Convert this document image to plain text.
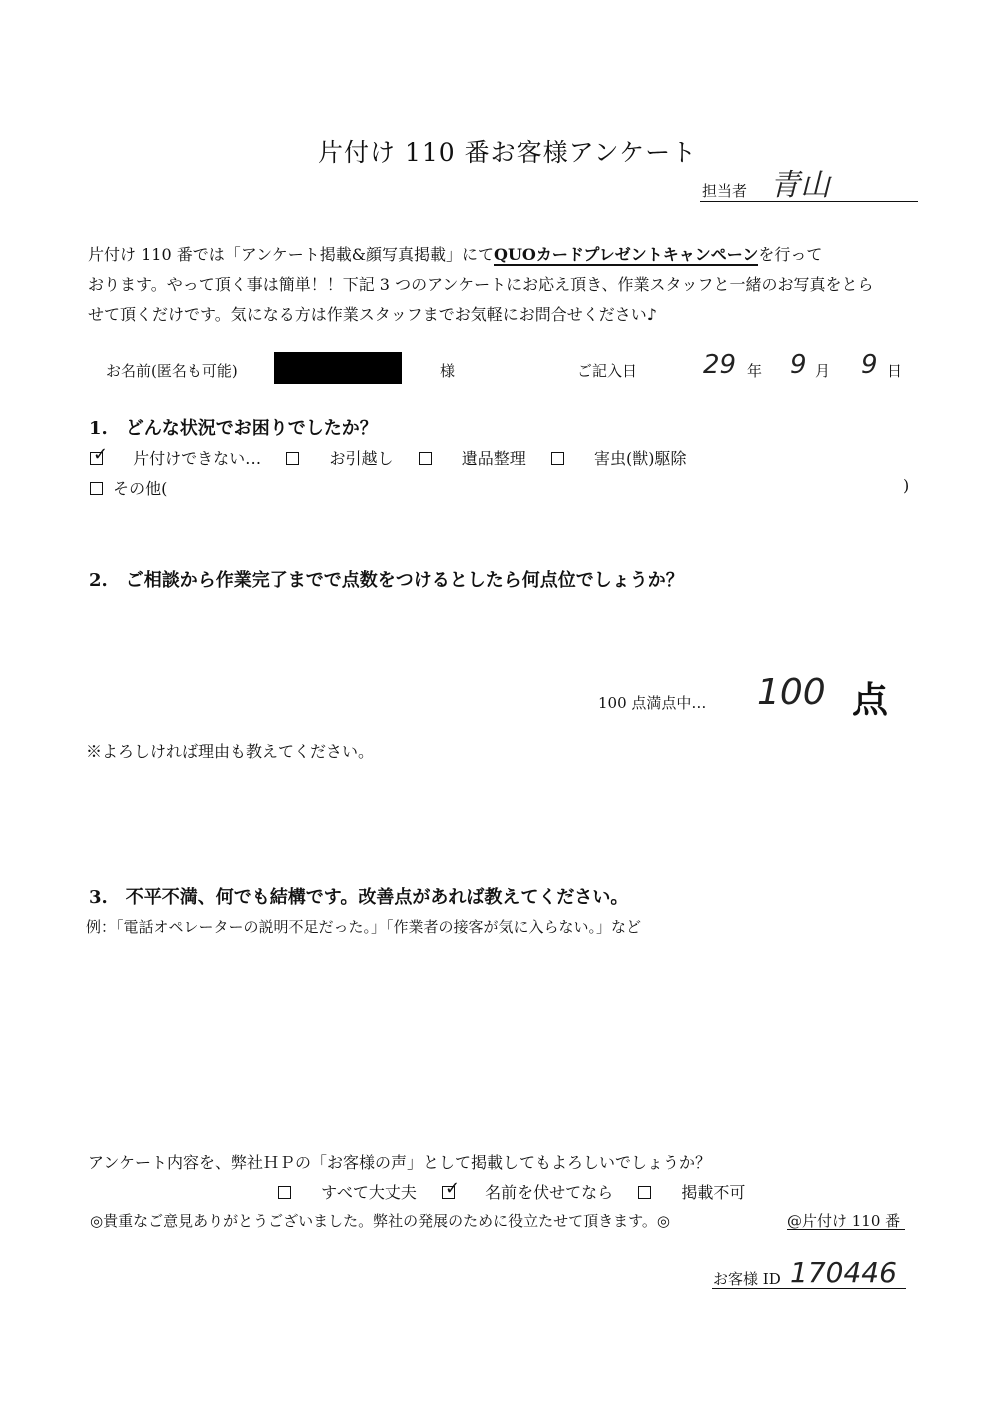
片付け 110 番お客様アンケート
担当者 青山
片付け 110 番では「アンケート掲載&顔写真掲載」にてQUOカードプレゼントキャンペーンを行って
おります。やって頂く事は簡単！！下記 3 つのアンケートにお応え頂き、作業スタッフと一緒のお写真をとら
せて頂くだけです。気になる方は作業スタッフまでお気軽にお問合せください♪
お名前(匿名も可能)	様	ご記入日	29 年 9 月 9 日
1.　どんな状況でお困りでしたか？
✓ 片付けできない…	お引越し	遺品整理	害虫(獣)駆除
その他(	)
2.　ご相談から作業完了までで点数をつけるとしたら何点位でしょうか？
100 点満点中… 100 点
※よろしければ理由も教えてください。
3.　不平不満、何でも結構です。改善点があれば教えてください。
例：「電話オペレーターの説明不足だった。」「作業者の接客が気に入らない。」など
アンケート内容を、弊社ＨＰの「お客様の声」として掲載してもよろしいでしょうか？
すべて大丈夫 ✓ 名前を伏せてなら	掲載不可
◎貴重なご意見ありがとうございました。弊社の発展のために役立たせて頂きます。◎	@片付け 110 番
お客様 ID 170446
